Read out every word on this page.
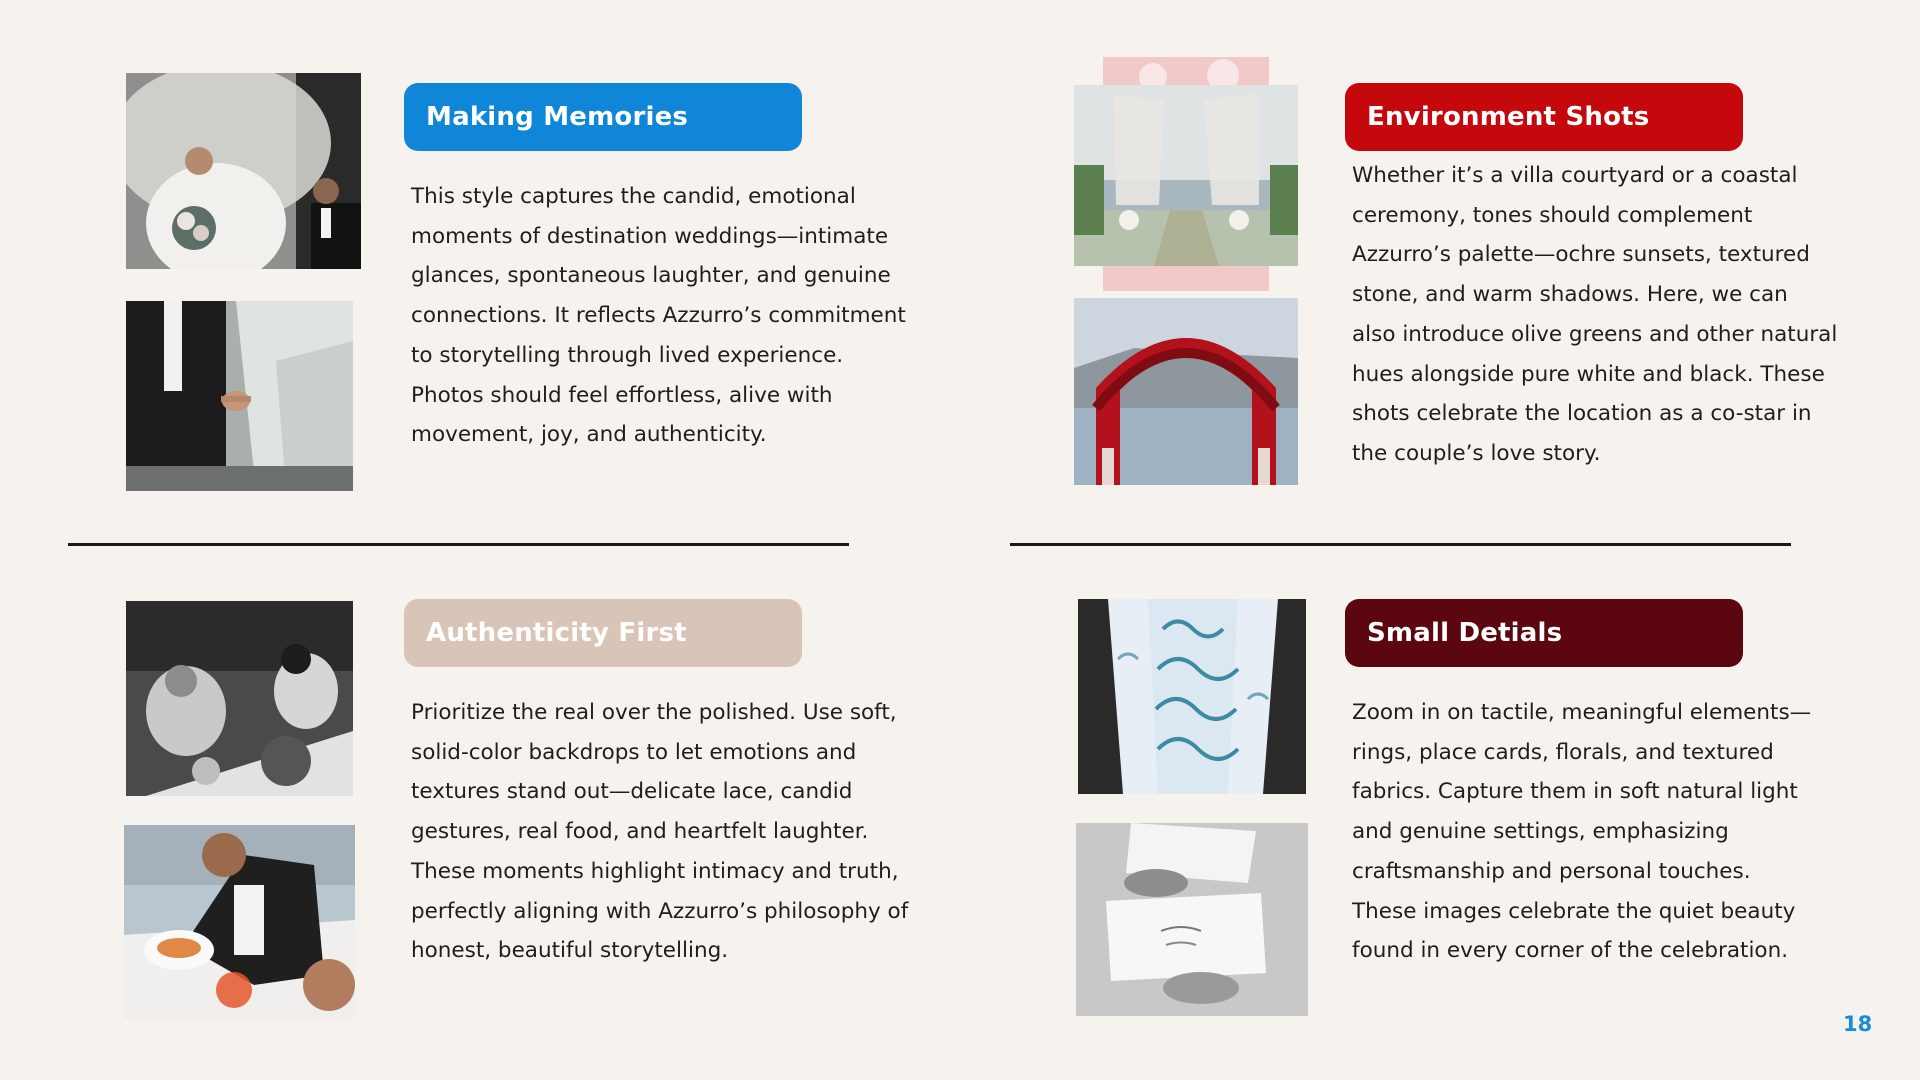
Making Memories
This style captures the candid, emotional moments of destination weddings—intimate glances, spontaneous laughter, and genuine connections. It reflects Azzurro’s commitment to storytelling through lived experience. Photos should feel effortless, alive with movement, joy, and authenticity.
Environment Shots
Whether it’s a villa courtyard or a coastal ceremony, tones should complement Azzurro’s palette—ochre sunsets, textured stone, and warm shadows. Here, we can also introduce olive greens and other natural hues alongside pure white and black. These shots celebrate the location as a co-star in the couple’s love story.
Authenticity First
Prioritize the real over the polished. Use soft, solid-color backdrops to let emotions and textures stand out—delicate lace, candid gestures, real food, and heartfelt laughter. These moments highlight intimacy and truth, perfectly aligning with Azzurro’s philosophy of honest, beautiful storytelling.
Small Detials
Zoom in on tactile, meaningful elements—rings, place cards, florals, and textured fabrics. Capture them in soft natural light and genuine settings, emphasizing craftsmanship and personal touches. These images celebrate the quiet beauty found in every corner of the celebration.
18
